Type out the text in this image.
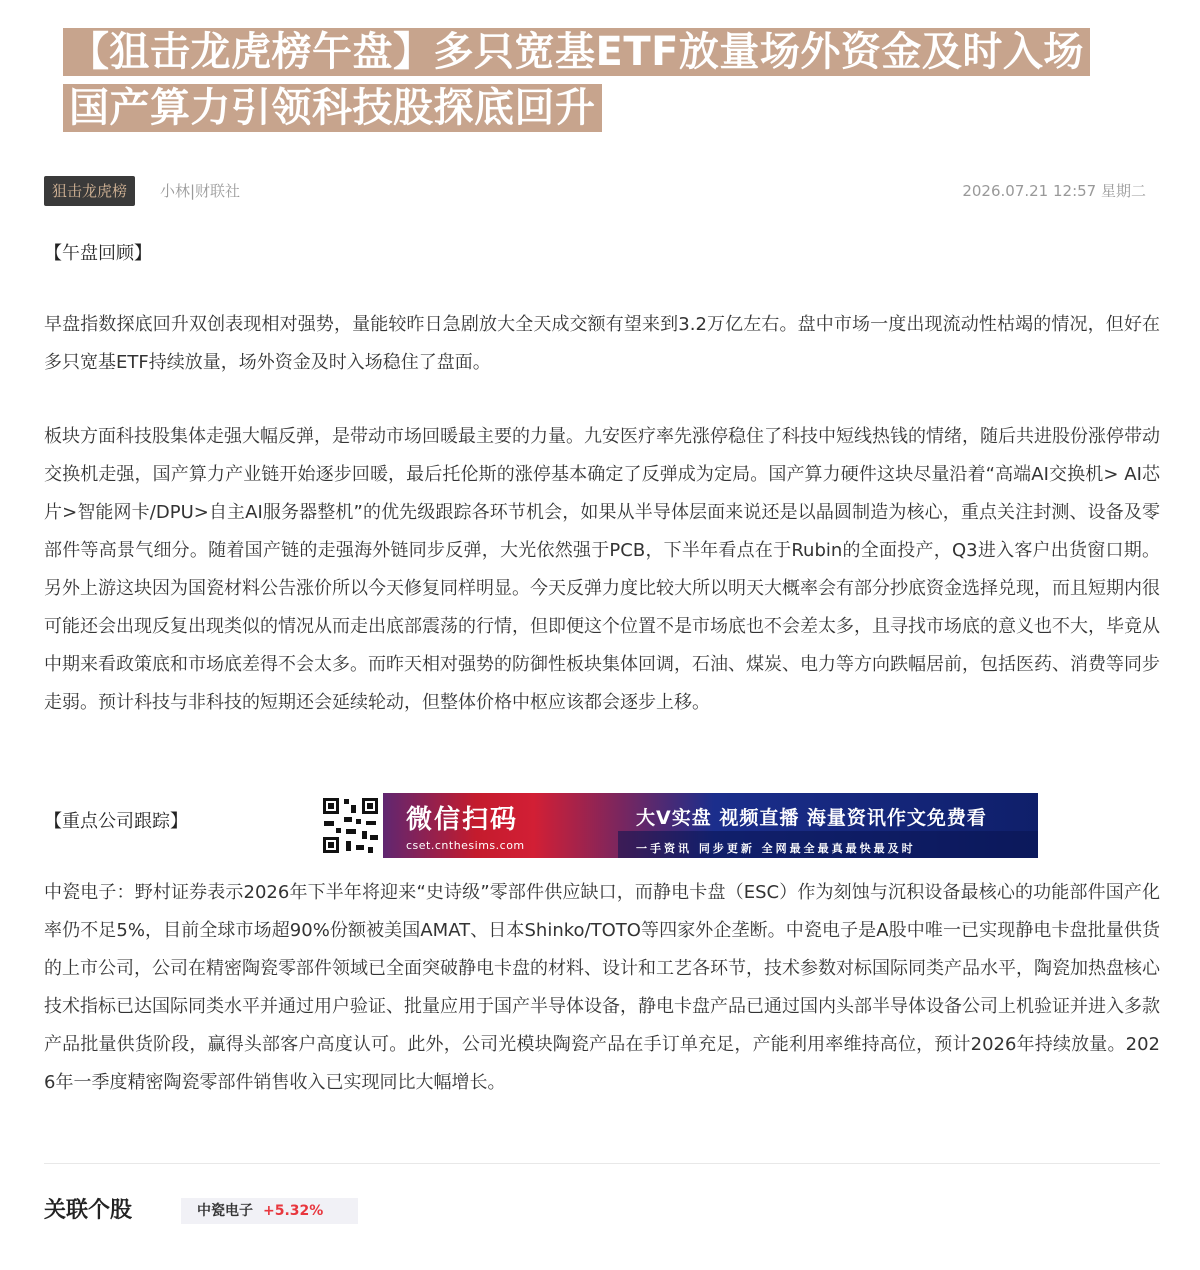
【狙击龙虎榜午盘】多只宽基ETF放量场外资金及时入场
国产算力引领科技股探底回升
狙击龙虎榜	小林|财联社	2026.07.21 12:57 星期二
【午盘回顾】

早盘指数探底回升双创表现相对强势，量能较昨日急剧放大全天成交额有望来到3.2万亿左右。盘中市场一度出现流动性枯竭的情况，但好在多只宽基ETF持续放量，场外资金及时入场稳住了盘面。

板块方面科技股集体走强大幅反弹，是带动市场回暖最主要的力量。九安医疗率先涨停稳住了科技中短线热钱的情绪，随后共进股份涨停带动交换机走强，国产算力产业链开始逐步回暖，最后托伦斯的涨停基本确定了反弹成为定局。国产算力硬件这块尽量沿着“高端AI交换机> AI芯片>智能网卡/DPU>自主AI服务器整机”的优先级跟踪各环节机会，如果从半导体层面来说还是以晶圆制造为核心，重点关注封测、设备及零部件等高景气细分。随着国产链的走强海外链同步反弹，大光依然强于PCB，下半年看点在于Rubin的全面投产，Q3进入客户出货窗口期。另外上游这块因为国瓷材料公告涨价所以今天修复同样明显。今天反弹力度比较大所以明天大概率会有部分抄底资金选择兑现，而且短期内很可能还会出现反复出现类似的情况从而走出底部震荡的行情，但即便这个位置不是市场底也不会差太多，且寻找市场底的意义也不大，毕竟从中期来看政策底和市场底差得不会太多。而昨天相对强势的防御性板块集体回调，石油、煤炭、电力等方向跌幅居前，包括医药、消费等同步走弱。预计科技与非科技的短期还会延续轮动，但整体价格中枢应该都会逐步上移。

【重点公司跟踪】	微信扫码
cset.cnthesims.com
大V实盘 视频直播 海量资讯作文免费看
一手资讯 同步更新 全网最全最真最快最及时

中瓷电子：野村证券表示2026年下半年将迎来“史诗级”零部件供应缺口，而静电卡盘（ESC）作为刻蚀与沉积设备最核心的功能部件国产化率仍不足5%，目前全球市场超90%份额被美国AMAT、日本Shinko/TOTO等四家外企垄断。中瓷电子是A股中唯一已实现静电卡盘批量供货的上市公司，公司在精密陶瓷零部件领域已全面突破静电卡盘的材料、设计和工艺各环节，技术参数对标国际同类产品水平，陶瓷加热盘核心技术指标已达国际同类水平并通过用户验证、批量应用于国产半导体设备，静电卡盘产品已通过国内头部半导体设备公司上机验证并进入多款产品批量供货阶段，赢得头部客户高度认可。此外，公司光模块陶瓷产品在手订单充足，产能利用率维持高位，预计2026年持续放量。2026年一季度精密陶瓷零部件销售收入已实现同比大幅增长。

关联个股	中瓷电子 +5.32%
